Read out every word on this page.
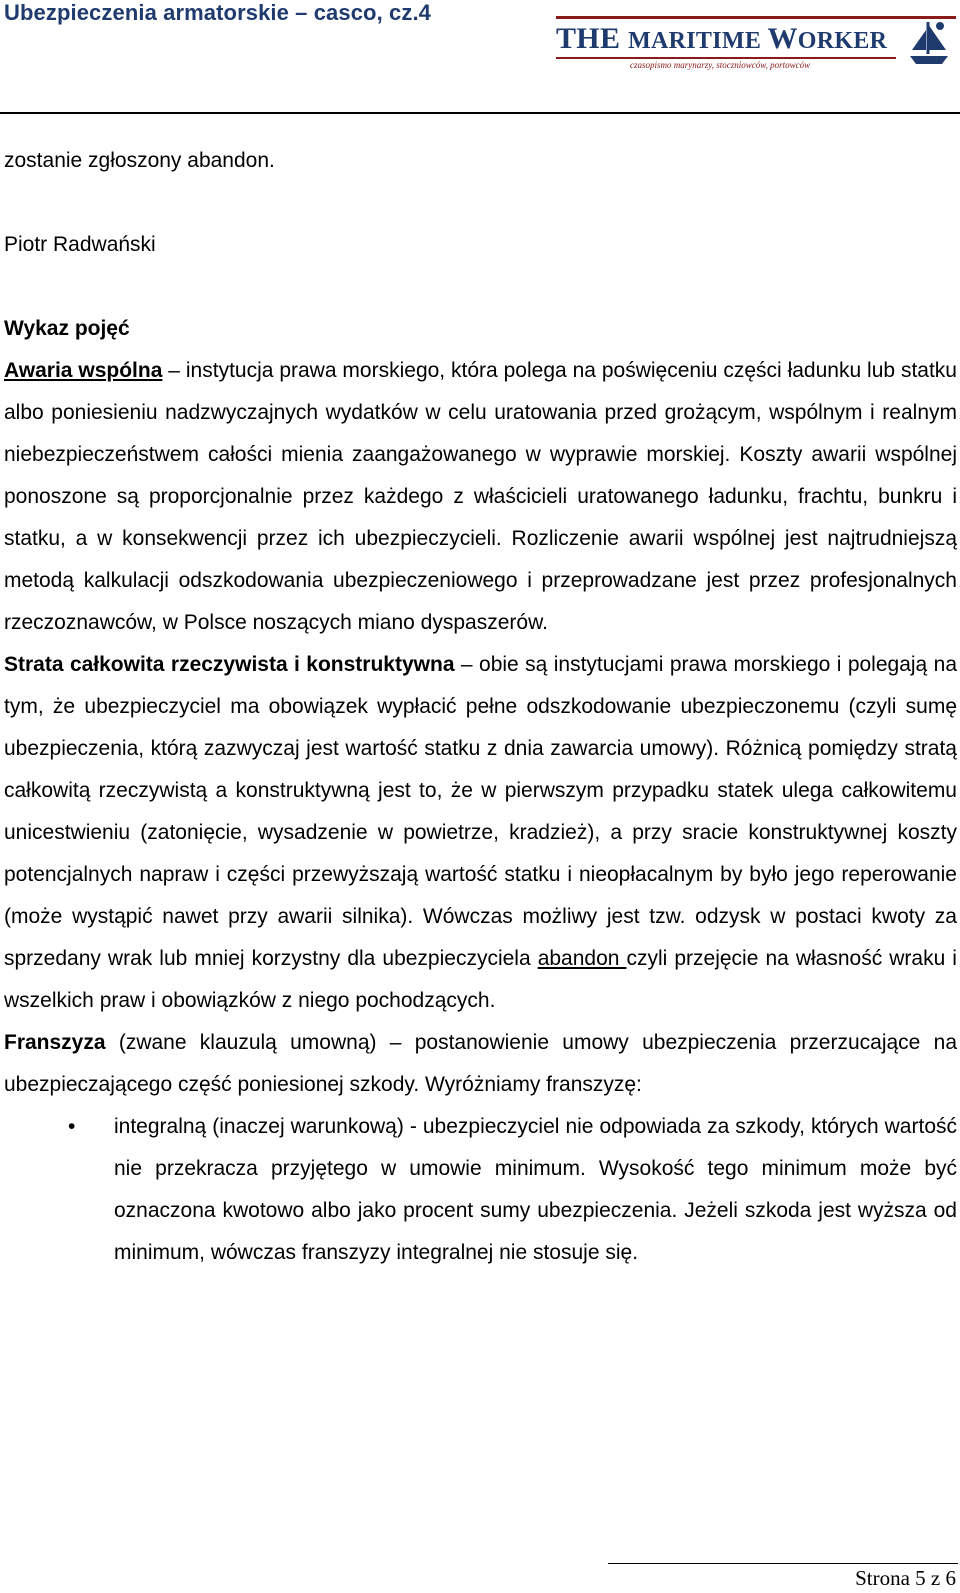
Ubezpieczenia armatorskie – casco, cz.4
THE MARITIME WORKER
czasopismo marynarzy, stoczniowców, portowców

zostanie zgłoszony abandon.

Piotr Radwański

Wykaz pojęć

Awaria wspólna – instytucja prawa morskiego, która polega na poświęceniu części ładunku lub statku albo poniesieniu nadzwyczajnych wydatków w celu uratowania przed grożącym, wspólnym i realnym niebezpieczeństwem całości mienia zaangażowanego w wyprawie morskiej. Koszty awarii wspólnej ponoszone są proporcjonalnie przez każdego z właścicieli uratowanego ładunku, frachtu, bunkru i statku, a w konsekwencji przez ich ubezpieczycieli. Rozliczenie awarii wspólnej jest najtrudniejszą metodą kalkulacji odszkodowania ubezpieczeniowego i przeprowadzane jest przez profesjonalnych rzeczoznawców, w Polsce noszących miano dyspaszerów.

Strata całkowita rzeczywista i konstruktywna – obie są instytucjami prawa morskiego i polegają na tym, że ubezpieczyciel ma obowiązek wypłacić pełne odszkodowanie ubezpieczonemu (czyli sumę ubezpieczenia, którą zazwyczaj jest wartość statku z dnia zawarcia umowy). Różnicą pomiędzy stratą całkowitą rzeczywistą a konstruktywną jest to, że w pierwszym przypadku statek ulega całkowitemu unicestwieniu (zatonięcie, wysadzenie w powietrze, kradzież), a przy sracie konstruktywnej koszty potencjalnych napraw i części przewyższają wartość statku i nieopłacalnym by było jego reperowanie (może wystąpić nawet przy awarii silnika). Wówczas możliwy jest tzw. odzysk w postaci kwoty za sprzedany wrak lub mniej korzystny dla ubezpieczyciela abandon czyli przejęcie na własność wraku i wszelkich praw i obowiązków z niego pochodzących.

Franszyza (zwane klauzulą umowną) – postanowienie umowy ubezpieczenia przerzucające na ubezpieczającego część poniesionej szkody. Wyróżniamy franszyzę:

• integralną (inaczej warunkową) - ubezpieczyciel nie odpowiada za szkody, których wartość nie przekracza przyjętego w umowie minimum. Wysokość tego minimum może być oznaczona kwotowo albo jako procent sumy ubezpieczenia. Jeżeli szkoda jest wyższa od minimum, wówczas franszyzy integralnej nie stosuje się.
Strona 5 z 6
